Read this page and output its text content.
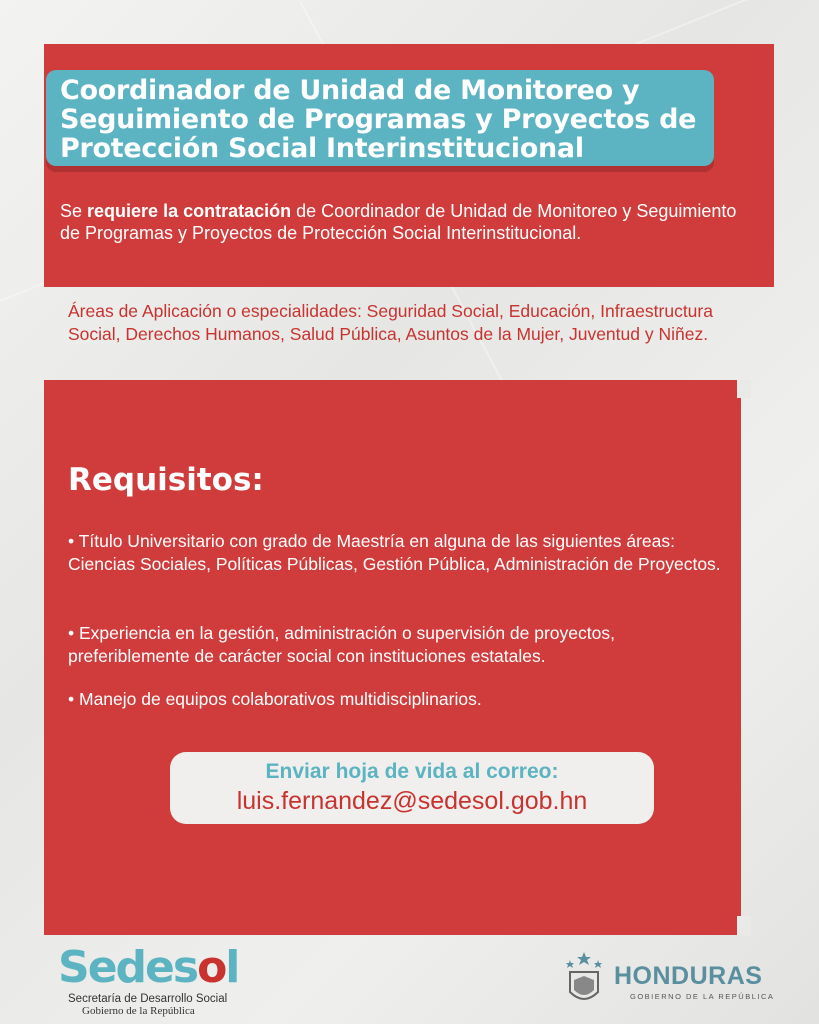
Coordinador de Unidad de Monitoreo y
Seguimiento de Programas y Proyectos de
Protección Social Interinstitucional
Se requiere la contratación de Coordinador de Unidad de Monitoreo y Seguimiento de Programas y Proyectos de Protección Social Interinstitucional.
Áreas de Aplicación o especialidades: Seguridad Social, Educación, Infraestructura Social, Derechos Humanos, Salud Pública, Asuntos de la Mujer, Juventud y Niñez.
Requisitos:
• Título Universitario con grado de Maestría en alguna de las siguientes áreas: Ciencias Sociales, Políticas Públicas, Gestión Pública, Administración de Proyectos.
• Experiencia en la gestión, administración o supervisión de proyectos, preferiblemente de carácter social con instituciones estatales.
• Manejo de equipos colaborativos multidisciplinarios.
Enviar hoja de vida al correo:
luis.fernandez@sedesol.gob.hn
Sedesol
Secretaría de Desarrollo Social
Gobierno de la República
HONDURAS
GOBIERNO DE LA REPÚBLICA
